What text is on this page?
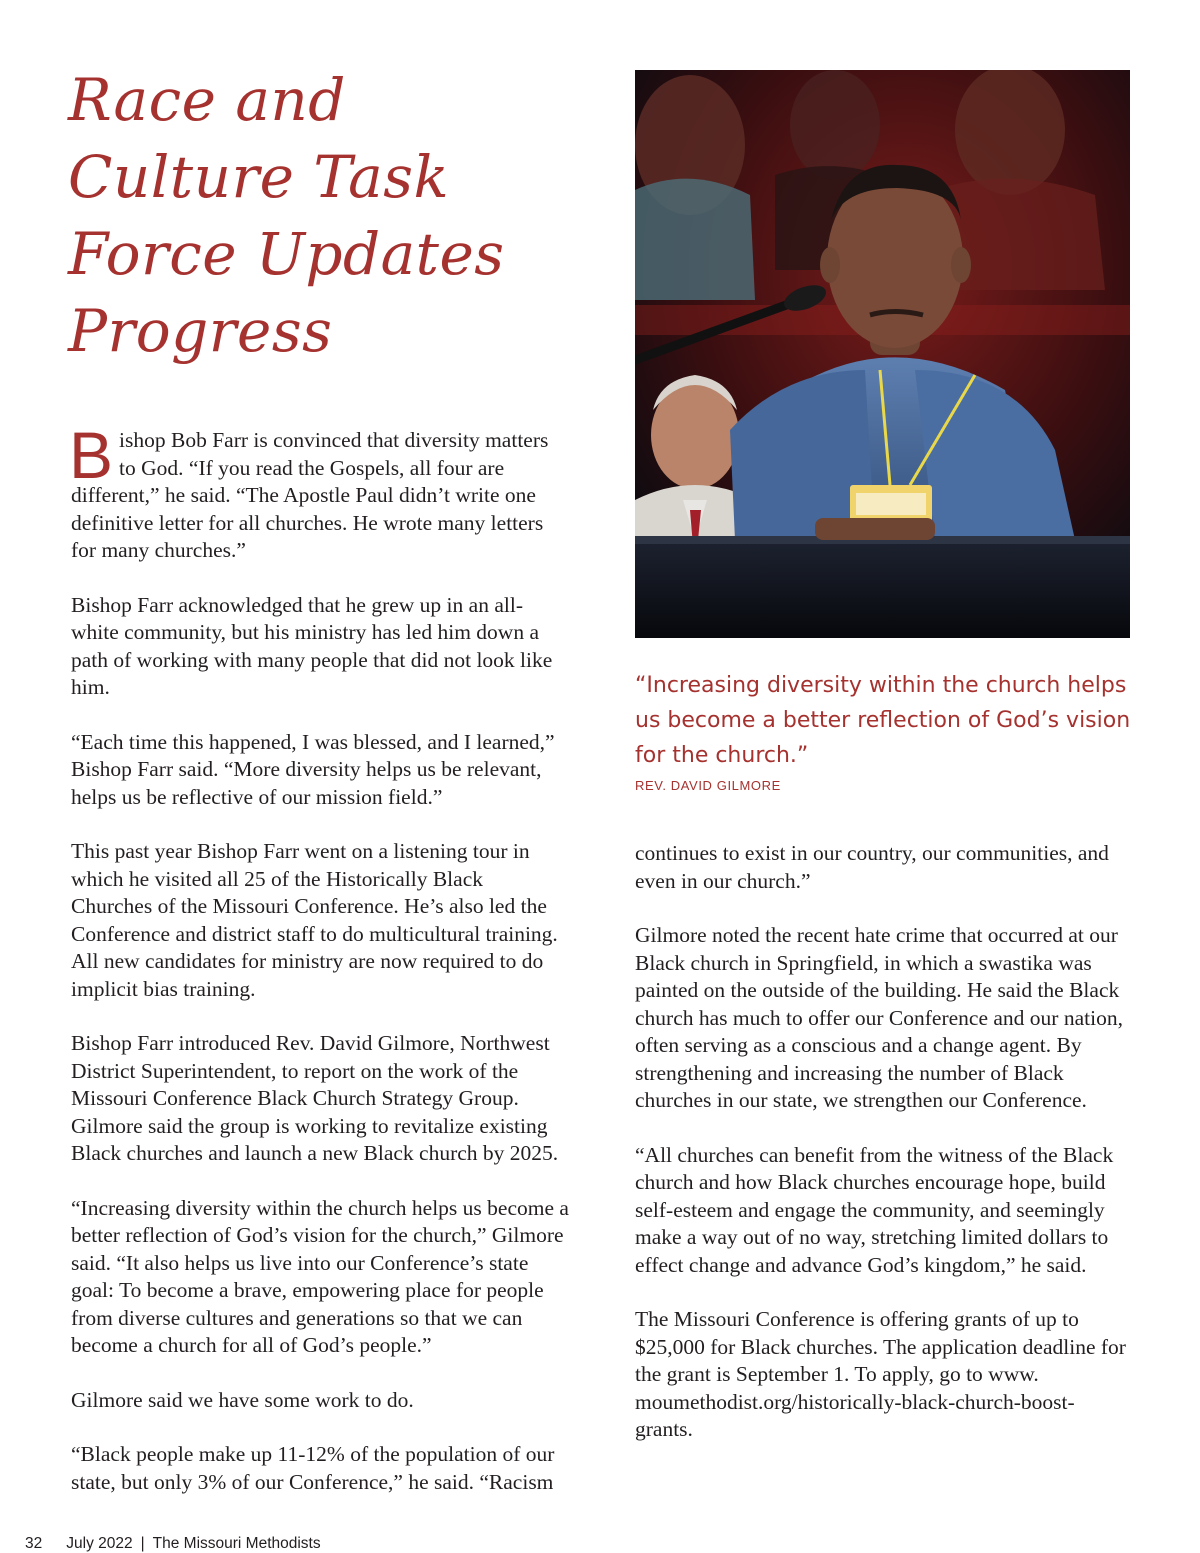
Race and Culture Task Force Updates Progress

Bishop Bob Farr is convinced that diversity matters to God. “If you read the Gospels, all four are different,” he said. “The Apostle Paul didn’t write one definitive letter for all churches. He wrote many letters for many churches.”

Bishop Farr acknowledged that he grew up in an all-white community, but his ministry has led him down a path of working with many people that did not look like him.

“Each time this happened, I was blessed, and I learned,” Bishop Farr said. “More diversity helps us be relevant, helps us be reflective of our mission field.”

This past year Bishop Farr went on a listening tour in which he visited all 25 of the Historically Black Churches of the Missouri Conference. He’s also led the Conference and district staff to do multicultural training. All new candidates for ministry are now required to do implicit bias training.

Bishop Farr introduced Rev. David Gilmore, Northwest District Superintendent, to report on the work of the Missouri Conference Black Church Strategy Group. Gilmore said the group is working to revitalize existing Black churches and launch a new Black church by 2025.

“Increasing diversity within the church helps us become a better reflection of God’s vision for the church,” Gilmore said. “It also helps us live into our Conference’s state goal: To become a brave, empowering place for people from diverse cultures and generations so that we can become a church for all of God’s people.”

Gilmore said we have some work to do.

“Black people make up 11-12% of the population of our state, but only 3% of our Conference,” he said. “Racism

“Increasing diversity within the church helps us become a better reflection of God’s vision for the church.”

REV. DAVID GILMORE

continues to exist in our country, our communities, and even in our church.”

Gilmore noted the recent hate crime that occurred at our Black church in Springfield, in which a swastika was painted on the outside of the building. He said the Black church has much to offer our Conference and our nation, often serving as a conscious and a change agent. By strengthening and increasing the number of Black churches in our state, we strengthen our Conference.

“All churches can benefit from the witness of the Black church and how Black churches encourage hope, build self-esteem and engage the community, and seemingly make a way out of no way, stretching limited dollars to effect change and advance God’s kingdom,” he said.

The Missouri Conference is offering grants of up to $25,000 for Black churches. The application deadline for the grant is September 1. To apply, go to www. moumethodist.org/historically-black-church-boost-grants.

32 July 2022 | The Missouri Methodists
